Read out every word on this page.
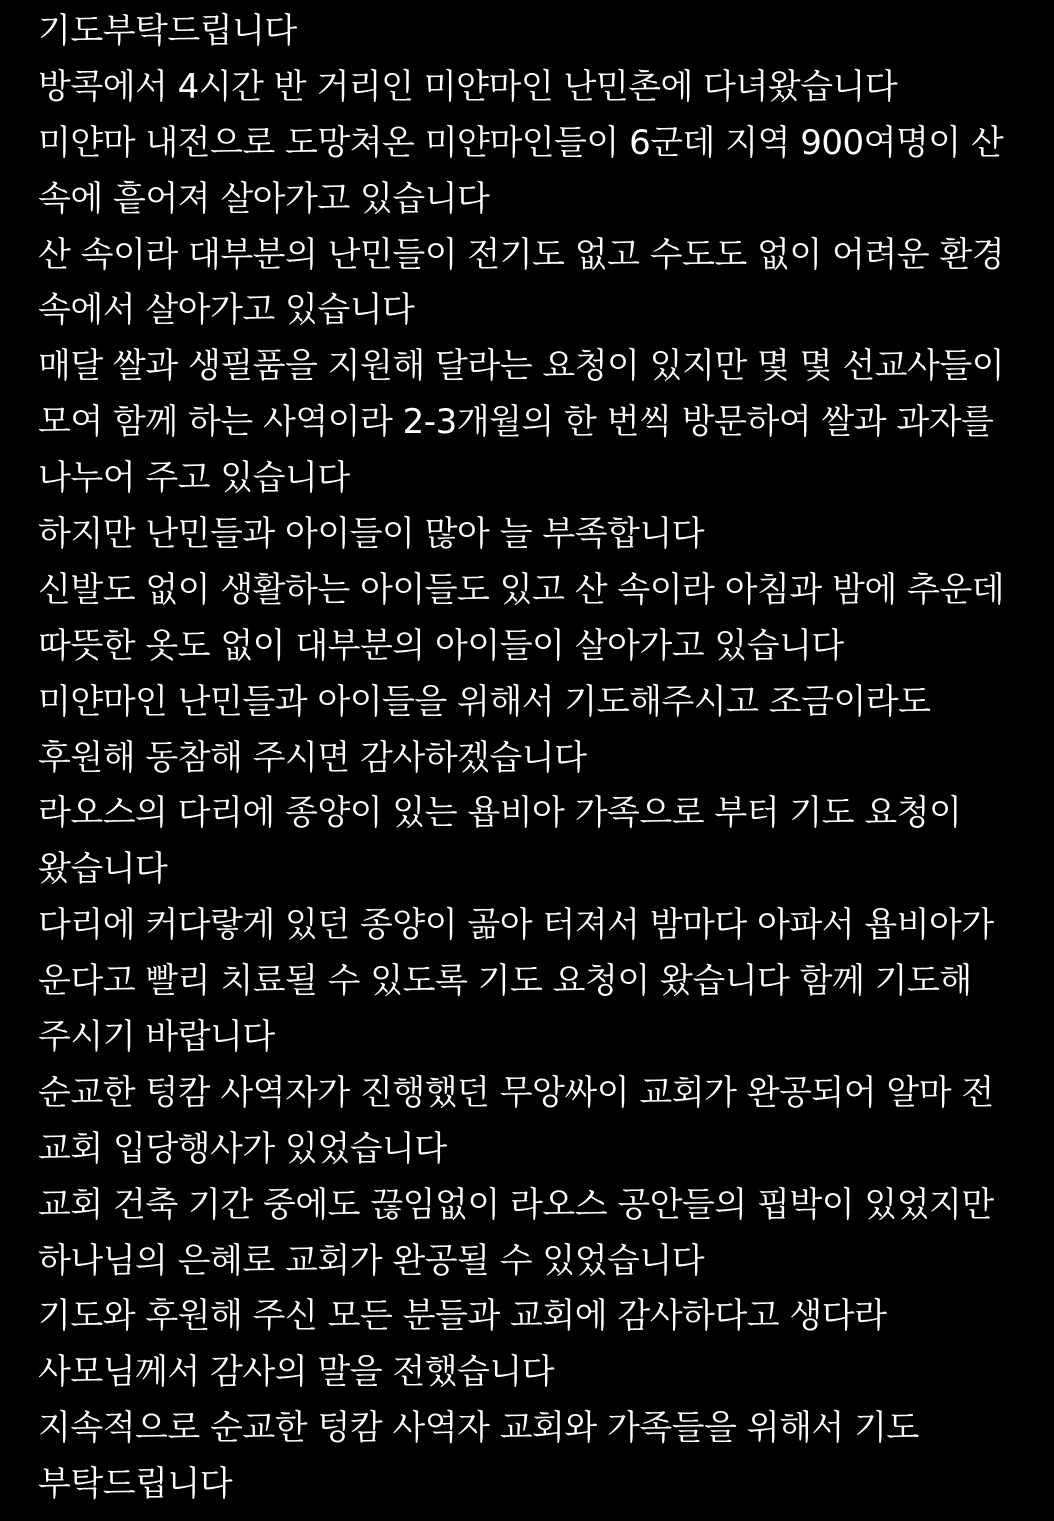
기도부탁드립니다
방콕에서 4시간 반 거리인 미얀마인 난민촌에 다녀왔습니다
미얀마 내전으로 도망쳐온 미얀마인들이 6군데 지역 900여명이 산
속에 흩어져 살아가고 있습니다
산 속이라 대부분의 난민들이 전기도 없고 수도도 없이 어려운 환경
속에서 살아가고 있습니다
매달 쌀과 생필품을 지원해 달라는 요청이 있지만 몇 몇 선교사들이
모여 함께 하는 사역이라 2-3개월의 한 번씩 방문하여 쌀과 과자를
나누어 주고 있습니다
하지만 난민들과 아이들이 많아 늘 부족합니다
신발도 없이 생활하는 아이들도 있고 산 속이라 아침과 밤에 추운데
따뜻한 옷도 없이 대부분의 아이들이 살아가고 있습니다
미얀마인 난민들과 아이들을 위해서 기도해주시고 조금이라도
후원해 동참해 주시면 감사하겠습니다
라오스의 다리에 종양이 있는 욥비아 가족으로 부터 기도 요청이
왔습니다
다리에 커다랗게 있던 종양이 곪아 터져서 밤마다 아파서 욥비아가
운다고 빨리 치료될 수 있도록 기도 요청이 왔습니다 함께 기도해
주시기 바랍니다
순교한 텅캄 사역자가 진행했던 무앙싸이 교회가 완공되어 알마 전
교회 입당행사가 있었습니다
교회 건축 기간 중에도 끊임없이 라오스 공안들의 핍박이 있었지만
하나님의 은혜로 교회가 완공될 수 있었습니다
기도와 후원해 주신 모든 분들과 교회에 감사하다고 생다라
사모님께서 감사의 말을 전했습니다
지속적으로 순교한 텅캄 사역자 교회와 가족들을 위해서 기도
부탁드립니다
